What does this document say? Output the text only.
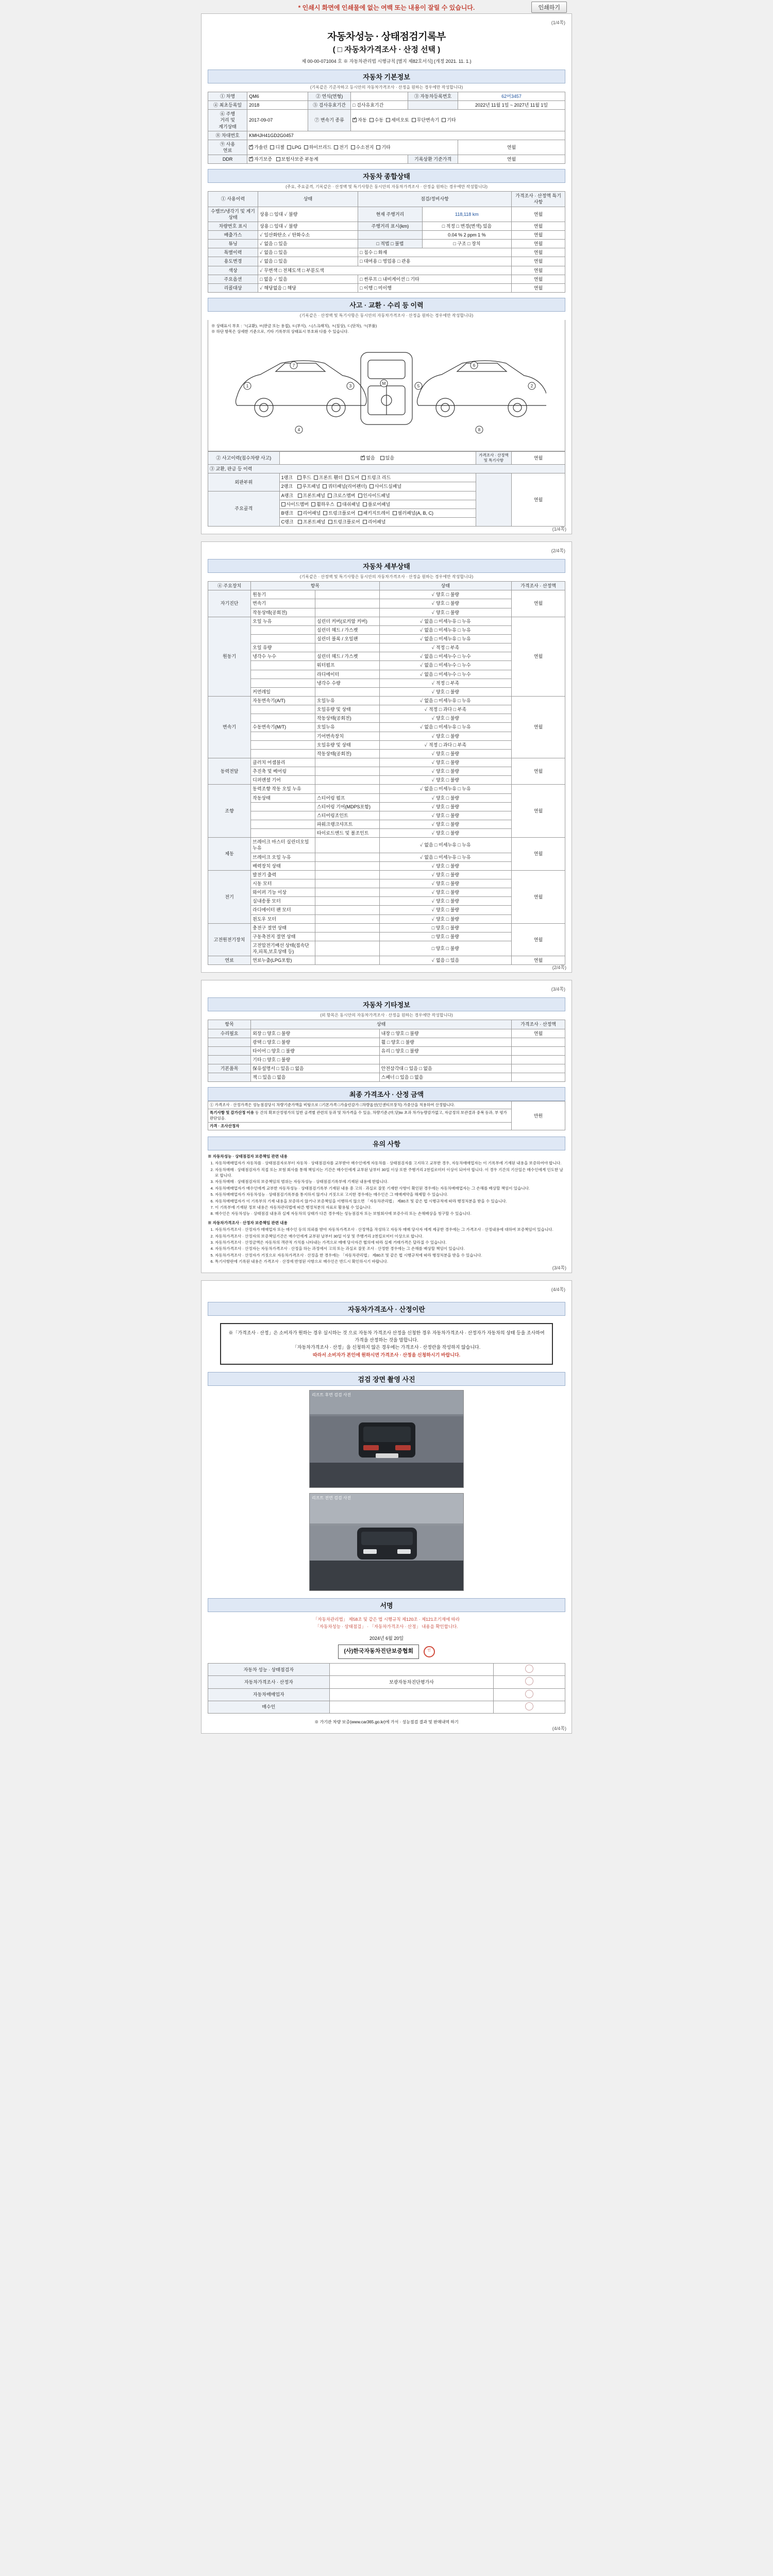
* 인쇄시 화면에 인쇄물에 없는 여백 또는 내용이 잘릴 수 있습니다.	인쇄하기
(1/4쪽)
자동차성능 · 상태점검기록부
( □ 자동차가격조사 · 산정 선택 )
제 00-00-071004 호 ※ 자동차관리법 시행규칙 [별지 제82호서식] (개정 2021. 11. 1.)
자동차 기본정보
(기록같은 기준자하고 등시안의 자동차가격조사 · 산정을 원하는 경우에만 작성합니다)
① 차명	QM6	② 연식(연형)		③ 자동차등록번호	62머3457
④ 최초등록일	2018	⑤ 검사유효기간	□ 검사유효기간		2022년 11월 1일 ~ 2027년 11월 1일
⑥ 주행
거리 및
계기상태	2017-09-07	⑦ 변속기 종류	✓자동 수동 세미오토 무단변속기 기타
⑧ 차대번호	KMHJH41GD2G0457				
⑨ 사용
연료	✓가솔린 디젤 LPG 하이브리드 전기 수소전지 기타				연월
DDR	✓자기보증 보험사보증 부동계			기록상환 기준가격	연월
자동차 종합상태
(주요, 주요골격, 기록같은 · 산정액 및 특기사항은 동시안의 자동차가격조사 · 산정을 원하는 경우에만 작성합니다)
① 사용이력	상태	점검/정비사항		가격조사 · 산정액 특기사항
수밸브/냉각기 및 계기상태	상용 □ 임대 ✓ 불량	현재 주행거리	118,118 km	연월
차량번호 표시	상용 □ 임대 ✓ 불량	주행거리 표시(km)	□ 적정 □ 변경(변색) 있음	연월
배출가스	✓ 일산화탄소 ✓ 탄화수소		0.04 % 2 ppm 1 %	연월
튜닝	✓ 없음 □ 있음	□ 적법 □ 불법	□ 구조 □ 장치	연월
특별이력	✓ 없음 □ 있음	□ 침수 □ 화재		연월
용도변경	✓ 없음 □ 있음	□ 대여용 □ 영업용 □ 관용		연월
색상	✓ 무변색 □ 전체도색 □ 부분도색			연월
주요옵션	□ 없음 ✓ 있음	□ 썬루프 □ 내비게이션 □ 기타		연월
리콜대상	✓ 해당없음 □ 해당	□ 이행 □ 미이행		연월
사고 · 교환 · 수리 등 이력
(기록같은 · 산정액 및 특기사항은 동시안의 자동차가격조사 · 산정을 원하는 경우에만 작성합니다)
※ 상태표시 부호 : ㄱ(교환), ㅂ(판금 또는 용접), ㅌ(부식), ㅅ(스크래치), ㅊ(칠상), ㄷ(단차), ㅋ(부품)
※ 하단 항목은 상세한 기준으로, 기타 기록부의 상태표시 부호와 다를 수 있습니다.
1
7
3
4
M
5
6
2
8
② 사고이력(침수차량 사고)	✓없음 있음	가격조사 · 산정액 및 특기사항	연월
③ 교환, 판금 등 이력			
외판부위	1랭크 후드 프론트 휀더 도어 트렁크 리드		연월
	2랭크 루프패널 쿼터패널(리어펜더) 사이드실패널		
주요골격	A랭크 프론트패널 크로스멤버 인사이드패널		
	사이드멤버 휠하우스 대쉬패널 플로어패널		
	B랭크 리어패널 트렁크플로어 패키지트레이 필러패널(A, B, C)		
	C랭크 프론트패널 트렁크플로어 리어패널		
(1/4쪽)
(2/4쪽)
자동차 세부상태
(기록같은 · 산정액 및 특기사항은 동시안의 자동차가격조사 · 산정을 원하는 경우에만 작성합니다)
④ 주요장치	항목		상태	가격조사 · 산정액
자기진단	원동기		✓ 양호 □ 불량	연월
	변속기		✓ 양호 □ 불량	
	작동상태(공회전)		✓ 양호 □ 불량	
원동기	오일 누유	실린더 커버(로커암 커버)	✓ 없음 □ 미세누유 □ 누유	연월
		실린더 헤드 / 가스켓	✓ 없음 □ 미세누유 □ 누유	
		실린더 블록 / 오일팬	✓ 없음 □ 미세누유 □ 누유	
	오일 유량		✓ 적정 □ 부족	
	냉각수 누수	실린더 헤드 / 가스켓	✓ 없음 □ 미세누수 □ 누수	
		워터펌프	✓ 없음 □ 미세누수 □ 누수	
		라디에이터	✓ 없음 □ 미세누수 □ 누수	
		냉각수 수량	✓ 적정 □ 부족	
	커먼레일		✓ 양호 □ 불량	
변속기	자동변속기(A/T)	오일누유	✓ 없음 □ 미세누유 □ 누유	연월
		오일유량 및 상태	✓ 적정 □ 과다 □ 부족	
		작동상태(공회전)	✓ 양호 □ 불량	
	수동변속기(M/T)	오일누유	✓ 없음 □ 미세누유 □ 누유	
		기어변속장치	✓ 양호 □ 불량	
		오일유량 및 상태	✓ 적정 □ 과다 □ 부족	
		작동상태(공회전)	✓ 양호 □ 불량	
동력전달	클러치 어셈블리		✓ 양호 □ 불량	연월
	추진축 및 베어링		✓ 양호 □ 불량	
	디퍼렌셜 기어		✓ 양호 □ 불량	
조향	동력조향 작동 오일 누유		✓ 없음 □ 미세누유 □ 누유	연월
	작동상태	스티어링 펌프	✓ 양호 □ 불량	
		스티어링 기어(MDPS포함)	✓ 양호 □ 불량	
		스티어링조인트	✓ 양호 □ 불량	
		파워크랭크샤프트	✓ 양호 □ 불량	
		타이로드엔드 및 볼조인트	✓ 양호 □ 불량	
제동	브레이크 마스터 실린더오일 누유		✓ 없음 □ 미세누유 □ 누유	연월
	브레이크 오일 누유		✓ 없음 □ 미세누유 □ 누유	
	배력장치 상태		✓ 양호 □ 불량	
전기	발전기 출력		✓ 양호 □ 불량	연월
	시동 모터		✓ 양호 □ 불량	
	와이퍼 기능 이상		✓ 양호 □ 불량	
	실내송풍 모터		✓ 양호 □ 불량	
	라디에이터 팬 모터		✓ 양호 □ 불량	
	윈도우 모터		✓ 양호 □ 불량	
고전원전기장치	충전구 절연 상태		□ 양호 □ 불량	연월
	구동축전지 절연 상태		□ 양호 □ 불량	
	고전압전기배선 상태(접속단자,피복,보호상태 등)		□ 양호 □ 불량	
연료	연료누출(LPG포함)		✓ 없음 □ 있음	연월
(2/4쪽)
(3/4쪽)
자동차 기타정보
(외 항목은 동시안의 자동차가격조사 · 산정을 원하는 경우에만 작성합니다)
항목	상태		가격조사 · 산정액
수리필요	외장 □ 양호 □ 불량	내장 □ 양호 □ 불량	연월
	광택 □ 양호 □ 불량	휠 □ 양호 □ 불량	
	타이어 □ 양호 □ 불량	유리 □ 양호 □ 불량	
	기타 □ 양호 □ 불량		
기본품목	保유설명서 □ 있음 □ 없음	안전삼각대 □ 있음 □ 없음	
	잭 □ 있음 □ 없음	스패너 □ 있음 □ 없음	
최종 가격조사 · 산정 금액
① 가격조사 · 산정가격은 성능점검당시 차량기준가액을 비탕으로 □기본가격 □가솔린감가 □차량옵션(인센티브장치) 가중산을 적용하여 산정합니다.	만원
특기사항 및 감가산정 이유 동 간의 확보산정평가의 일반 골격별 관련의 등과 및 차가격을 수 있음, 차량기준.(마,당)to 초과 차가능량감가없고, 자금정의 보관결과 중복 등과, 부 평가 판단임음.
가격 · 조사산정자
유의 사항

※ 자동차성능 · 상태점검자 보증책임 관련 내용

1. 자동차매매업자가 자동차를 · 상태점검자로부터 자동차 · 상태점검자를 교부받아 매수인에게 자동차를 · 상태점검자를 고지하고 교부한 경우, 자동차매매업자는 이 기록부에 기재된 내용을 보증하여야 합니다.
2. 자동차매매 · 상태점검자가 직접 또는 보험 회사를 통해 책임지는 기간은 매수인에게 교부된 날부터 30일 이상 또한 주행거리 2천킬로미터 이상이 되어야 합니다. 이 경우 기간의 기산일은 매수인에게 인도한 날로 합니다.
3. 자동차매매 · 상태점검자의 보증책임의 범위는 자동차성능 · 상태점검기록부에 기재된 내용에 한합니다.
4. 자동차매매업자가 매수인에게 교부한 자동차성능 · 상태점검기록부 기재된 내용 중 고의 · 과실로 잘못 기재한 사항이 확인된 경우에는 자동차매매업자는 그 손해를 배상할 책임이 있습니다.
5. 자동차매매업자가 자동차성능 · 상태점검기록부를 통지하지 않거나 거짓으로 고지한 경우에는 매수인은 그 매매계약을 해제할 수 있습니다.
6. 자동차매매업자가 이 기록부의 기재 내용을 보증하지 않거나 보증책임을 이행하지 않으면 「자동차관리법」 제80조 및 같은 법 시행규칙에 따라 행정처분을 받을 수 있습니다.
7. 이 기록부에 기재된 정보 내용은 자동차관리법에 따른 행정처분의 자료로 활용될 수 있습니다.
8. 매수인은 자동차성능 · 상태점검 내용과 실제 자동차의 상태가 다른 경우에는 성능점검자 또는 보험회사에 보증수리 또는 손해배상을 청구할 수 있습니다.

※ 자동차가격조사 · 산정자 보증책임 관련 내용

1. 자동차가격조사 · 산정자가 매매업자 또는 매수인 등의 의뢰를 받아 자동차가격조사 · 산정액을 작성하고 자동차 매매 당사자 에게 제공한 경우에는 그 가격조사 · 산정내용에 대하여 보증책임이 있습니다.
2. 자동차가격조사 · 산정자의 보증책임기간은 매수인에게 교부된 날부터 30일 이상 및 주행거리 2천킬로미터 이상으로 합니다.
3. 자동차가격조사 · 산정금액은 자동차의 객관적 가치를 나타내는 가격으로 매매 당사자간 협의에 따라 실제 거래가격은 달라질 수 있습니다.
4. 자동차가격조사 · 산정자는 자동차가격조사 · 산정을 하는 과정에서 고의 또는 과실로 잘못 조사 · 산정한 경우에는 그 손해를 배상할 책임이 있습니다.
5. 자동차가격조사 · 산정자가 거짓으로 자동차가격조사 · 산정을 한 경우에는 「자동차관리법」 제80조 및 같은 법 시행규칙에 따라 행정처분을 받을 수 있습니다.
6. 특기사항란에 기록된 내용은 가격조사 · 산정에 반영된 사항으로 매수인은 반드시 확인하시기 바랍니다.
(3/4쪽)
(4/4쪽)
자동차가격조사 · 산정이란
※「가격조사 · 산정」은 소비자가 원하는 경우 실시하는 것 으로 자동차 가격조사 산정을 신청한 경우 자동차가격조사 · 산정자가 자동차의 상태 등을 조사하여 가격을 산정하는 것을 말합니다.
「자동차가격조사 · 산정」을 신청하지 않은 경우에는 가격조사 · 산정란을 작성하지 않습니다.
따라서 소비자가 본인에 원하시면 가격조사 · 산정을 신청하시기 바랍니다.
검검 장면 촬영 사진
리프트 후면 검검 사진
리프트 전면 검검 사진
서명
「자동차관리법」 제58조 및 같은 법 시행규칙 제120조 · 제121조기재에 따라
「자동차성능 · 상태점검」 · 「자동차가격조사 · 산정」 내용을 확인합니다.
2024년 6월 20일
(사)한국자동차진단보증협회	인
자동차 성능 · 상태점검자		
자동차가격조사 · 산정자	보광자동차진단평가사	
자동차매매업자		
매수인		
※ 가기관 차량 보증(www.car365.go.kr)에 가서 · 성능점검 결과 및 판매내역 하기
(4/4쪽)
